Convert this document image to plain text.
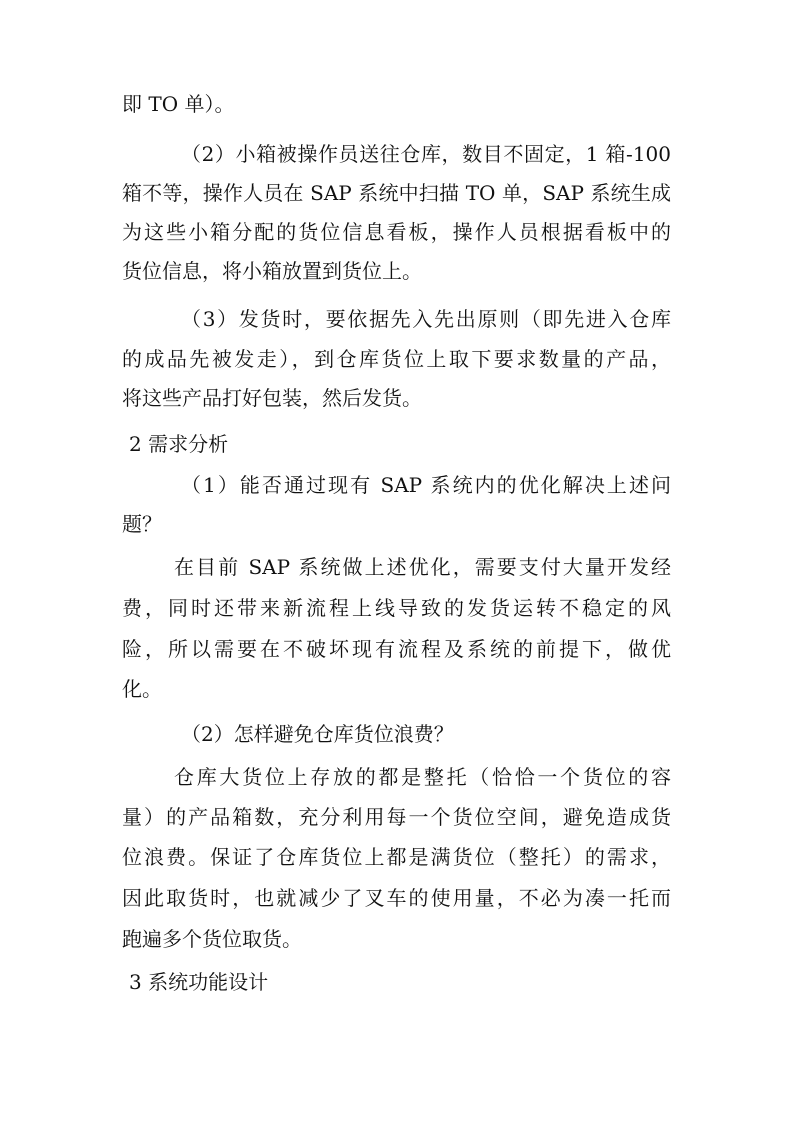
即 TO 单）。
（2）小箱被操作员送往仓库，数目不固定，1 箱-100
箱不等，操作人员在 SAP 系统中扫描 TO 单，SAP 系统生成
为这些小箱分配的货位信息看板，操作人员根据看板中的
货位信息，将小箱放置到货位上。
（3）发货时，要依据先入先出原则（即先进入仓库
的成品先被发走），到仓库货位上取下要求数量的产品，
将这些产品打好包装，然后发货。
2 需求分析
（1）能否通过现有 SAP 系统内的优化解决上述问
题？
在目前 SAP 系统做上述优化，需要支付大量开发经
费，同时还带来新流程上线导致的发货运转不稳定的风
险，所以需要在不破坏现有流程及系统的前提下，做优
化。
（2）怎样避免仓库货位浪费？
仓库大货位上存放的都是整托（恰恰一个货位的容
量）的产品箱数，充分利用每一个货位空间，避免造成货
位浪费。保证了仓库货位上都是满货位（整托）的需求，
因此取货时，也就减少了叉车的使用量，不必为凑一托而
跑遍多个货位取货。
3 系统功能设计
